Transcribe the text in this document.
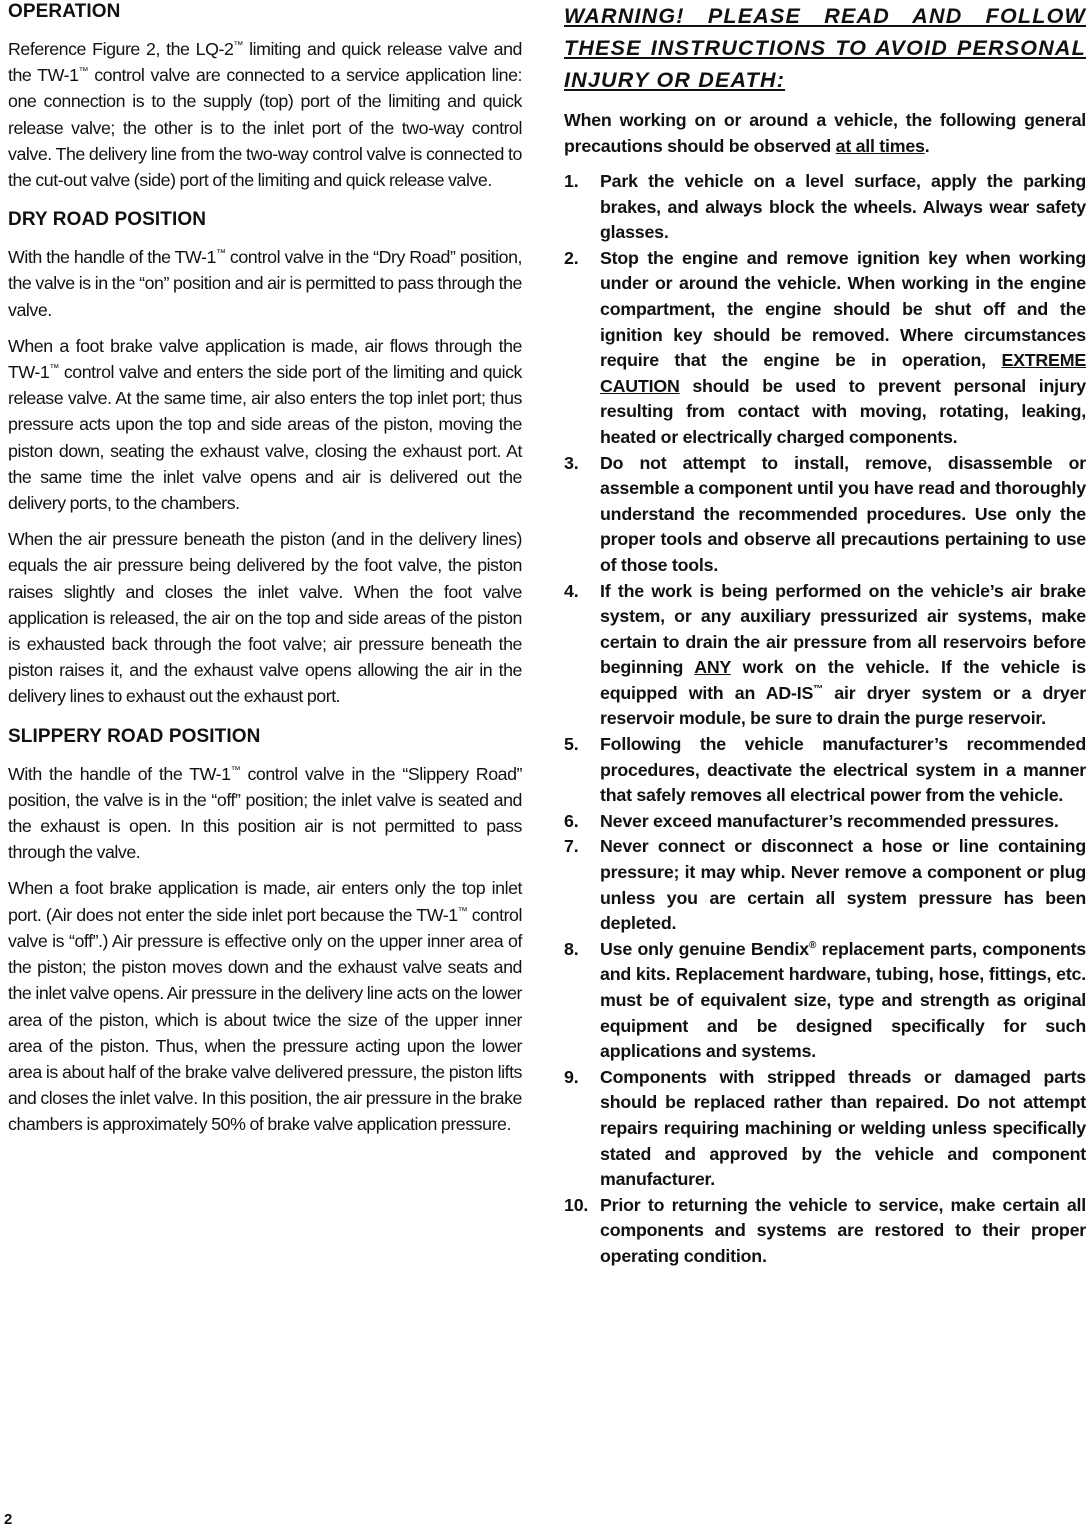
OPERATION

Reference Figure 2, the LQ-2™ limiting and quick release valve and the TW-1™ control valve are connected to a service application line: one connection is to the supply (top) port of the limiting and quick release valve; the other is to the inlet port of the two-way control valve. The delivery line from the two-way control valve is connected to the cut-out valve (side) port of the limiting and quick release valve.

DRY ROAD POSITION

With the handle of the TW-1™ control valve in the “Dry Road” position, the valve is in the “on” position and air is permitted to pass through the valve.

When a foot brake valve application is made, air flows through the TW-1™ control valve and enters the side port of the limiting and quick release valve. At the same time, air also enters the top inlet port; thus pressure acts upon the top and side areas of the piston, moving the piston down, seating the exhaust valve, closing the exhaust port. At the same time the inlet valve opens and air is delivered out the delivery ports, to the chambers.

When the air pressure beneath the piston (and in the delivery lines) equals the air pressure being delivered by the foot valve, the piston raises slightly and closes the inlet valve. When the foot valve application is released, the air on the top and side areas of the piston is exhausted back through the foot valve; air pressure beneath the piston raises it, and the exhaust valve opens allowing the air in the delivery lines to exhaust out the exhaust port.

SLIPPERY ROAD POSITION

With the handle of the TW-1™ control valve in the “Slippery Road” position, the valve is in the “off” position; the inlet valve is seated and the exhaust is open. In this position air is not permitted to pass through the valve.

When a foot brake application is made, air enters only the top inlet port. (Air does not enter the side inlet port because the TW-1™ control valve is “off”.) Air pressure is effective only on the upper inner area of the piston; the piston moves down and the exhaust valve seats and the inlet valve opens. Air pressure in the delivery line acts on the lower area of the piston, which is about twice the size of the upper inner area of the piston. Thus, when the pressure acting upon the lower area is about half of the brake valve delivered pressure, the piston lifts and closes the inlet valve. In this position, the air pressure in the brake chambers is approximately 50% of brake valve application pressure.

WARNING! PLEASE READ AND FOLLOW THESE INSTRUCTIONS TO AVOID PERSONAL INJURY OR DEATH:

When working on or around a vehicle, the following general precautions should be observed at all times.

1. Park the vehicle on a level surface, apply the parking brakes, and always block the wheels. Always wear safety glasses.
2. Stop the engine and remove ignition key when working under or around the vehicle. When working in the engine compartment, the engine should be shut off and the ignition key should be removed. Where circumstances require that the engine be in operation, EXTREME CAUTION should be used to prevent personal injury resulting from contact with moving, rotating, leaking, heated or electrically charged components.
3. Do not attempt to install, remove, disassemble or assemble a component until you have read and thoroughly understand the recommended procedures. Use only the proper tools and observe all precautions pertaining to use of those tools.
4. If the work is being performed on the vehicle’s air brake system, or any auxiliary pressurized air systems, make certain to drain the air pressure from all reservoirs before beginning ANY work on the vehicle. If the vehicle is equipped with an AD-IS™ air dryer system or a dryer reservoir module, be sure to drain the purge reservoir.
5. Following the vehicle manufacturer’s recommended procedures, deactivate the electrical system in a manner that safely removes all electrical power from the vehicle.
6. Never exceed manufacturer’s recommended pressures.
7. Never connect or disconnect a hose or line containing pressure; it may whip. Never remove a component or plug unless you are certain all system pressure has been depleted.
8. Use only genuine Bendix® replacement parts, components and kits. Replacement hardware, tubing, hose, fittings, etc. must be of equivalent size, type and strength as original equipment and be designed specifically for such applications and systems.
9. Components with stripped threads or damaged parts should be replaced rather than repaired. Do not attempt repairs requiring machining or welding unless specifically stated and approved by the vehicle and component manufacturer.
10. Prior to returning the vehicle to service, make certain all components and systems are restored to their proper operating condition.
2
